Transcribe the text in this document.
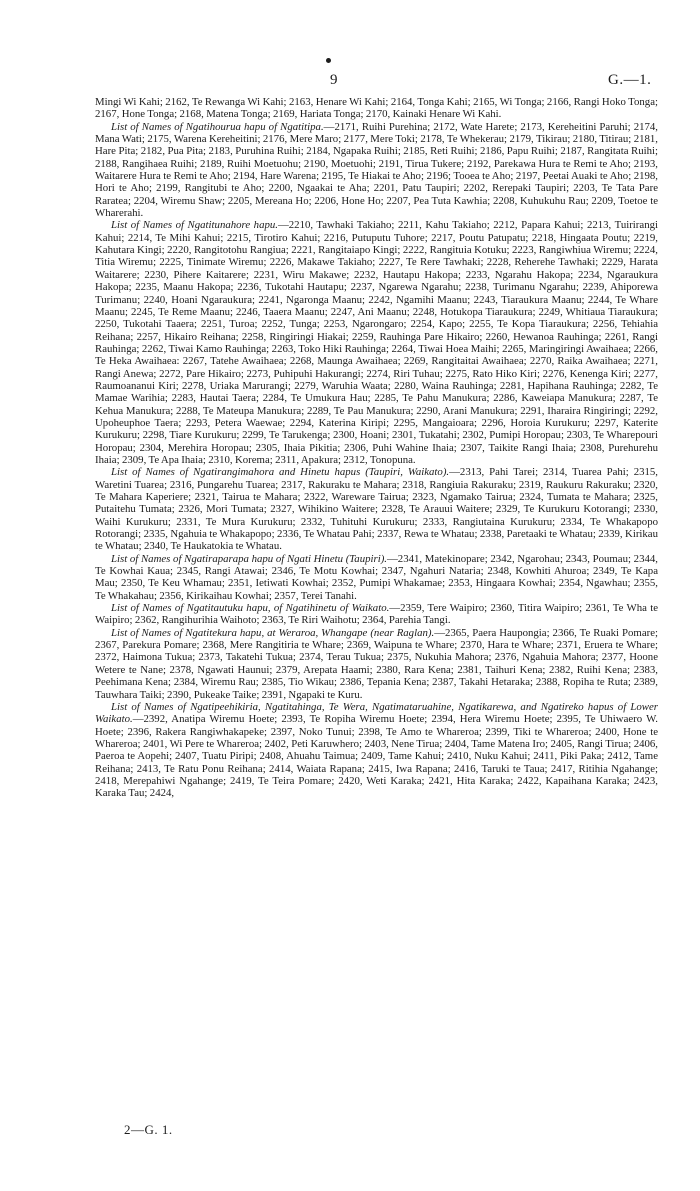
9	G.—1.

Mingi Wi Kahi; 2162, Te Rewanga Wi Kahi; 2163, Henare Wi Kahi; 2164, Tonga Kahi; 2165, Wi Tonga; 2166, Rangi Hoko Tonga; 2167, Hone Tonga; 2168, Matena Tonga; 2169, Hariata Tonga; 2170, Kainaki Henare Wi Kahi.

List of Names of Ngatihourua hapu of Ngatitipa.—2171, Ruihi Purehina; 2172, Wate Harete; 2173, Kereheitini Paruhi; 2174, Mana Wati; 2175, Warena Kereheitini; 2176, Mere Maro; 2177, Mere Toki; 2178, Te Whekerau; 2179, Tikirau; 2180, Titirau; 2181, Hare Pita; 2182, Pua Pita; 2183, Puruhina Ruihi; 2184, Ngapaka Ruihi; 2185, Reti Ruihi; 2186, Papu Ruihi; 2187, Rangitata Ruihi; 2188, Rangihaea Ruihi; 2189, Ruihi Moetuohu; 2190, Moetuohi; 2191, Tirua Tukere; 2192, Parekawa Hura te Remi te Aho; 2193, Waitarere Hura te Remi te Aho; 2194, Hare Warena; 2195, Te Hiakai te Aho; 2196; Tooea te Aho; 2197, Peetai Auaki te Aho; 2198, Hori te Aho; 2199, Rangitubi te Aho; 2200, Ngaakai te Aha; 2201, Patu Taupiri; 2202, Rerepaki Taupiri; 2203, Te Tata Pare Raratea; 2204, Wiremu Shaw; 2205, Mereana Ho; 2206, Hone Ho; 2207, Pea Tuta Kawhia; 2208, Kuhukuhu Rau; 2209, Toetoe te Wharerahi.

List of Names of Ngatitunahore hapu.—2210, Tawhaki Takiaho; 2211, Kahu Takiaho; 2212, Papara Kahui; 2213, Tuirirangi Kahui; 2214, Te Mihi Kahui; 2215, Tirotiro Kahui; 2216, Putuputu Tuhore; 2217, Poutu Patupatu; 2218, Hingaata Poutu; 2219, Kahutara Kingi; 2220, Rangitotohu Rangiua; 2221, Rangitaiapo Kingi; 2222, Rangituia Kotuku; 2223, Rangiwhiua Wiremu; 2224, Titia Wiremu; 2225, Tinimate Wiremu; 2226, Makawe Takiaho; 2227, Te Rere Tawhaki; 2228, Reherehe Tawhaki; 2229, Harata Waitarere; 2230, Pihere Kaitarere; 2231, Wiru Makawe; 2232, Hautapu Hakopa; 2233, Ngarahu Hakopa; 2234, Ngaraukura Hakopa; 2235, Maanu Hakopa; 2236, Tukotahi Hautapu; 2237, Ngarewa Ngarahu; 2238, Turimanu Ngarahu; 2239, Ahiporewa Turimanu; 2240, Hoani Ngaraukura; 2241, Ngaronga Maanu; 2242, Ngamihi Maanu; 2243, Tiaraukura Maanu; 2244, Te Whare Maanu; 2245, Te Reme Maanu; 2246, Taaera Maanu; 2247, Ani Maanu; 2248, Hotukopa Tiaraukura; 2249, Whitiaua Tiaraukura; 2250, Tukotahi Taaera; 2251, Turoa; 2252, Tunga; 2253, Ngarongaro; 2254, Kapo; 2255, Te Kopa Tiaraukura; 2256, Tehiahia Reihana; 2257, Hikairo Reihana; 2258, Ringiringi Hiakai; 2259, Rauhinga Pare Hikairo; 2260, Hewanoa Rauhinga; 2261, Rangi Rauhinga; 2262, Tiwai Kamo Rauhinga; 2263, Toko Hiki Rauhinga; 2264, Tiwai Hoea Maihi; 2265, Maringiringi Awaihaea; 2266, Te Heka Awaihaea: 2267, Tatehe Awaihaea; 2268, Maunga Awaihaea; 2269, Rangitaitai Awaihaea; 2270, Raika Awaihaea; 2271, Rangi Anewa; 2272, Pare Hikairo; 2273, Puhipuhi Hakurangi; 2274, Riri Tuhau; 2275, Rato Hiko Kiri; 2276, Kenenga Kiri; 2277, Raumoananui Kiri; 2278, Uriaka Marurangi; 2279, Waruhia Waata; 2280, Waina Rauhinga; 2281, Hapihana Rauhinga; 2282, Te Mamae Warihia; 2283, Hautai Taera; 2284, Te Umukura Hau; 2285, Te Pahu Manukura; 2286, Kaweiapa Manukura; 2287, Te Kehua Manukura; 2288, Te Mateupa Manukura; 2289, Te Pau Manukura; 2290, Arani Manukura; 2291, Iharaira Ringiringi; 2292, Upoheuphoe Taera; 2293, Petera Waewae; 2294, Katerina Kiripi; 2295, Mangaioara; 2296, Horoia Kurukuru; 2297, Katerite Kurukuru; 2298, Tiare Kurukuru; 2299, Te Tarukenga; 2300, Hoani; 2301, Tukatahi; 2302, Pumipi Horopau; 2303, Te Wharepouri Horopau; 2304, Merehira Horopau; 2305, Ihaia Pikitia; 2306, Puhi Wahine Ihaia; 2307, Taikite Rangi Ihaia; 2308, Purehurehu Ihaia; 2309, Te Apa Ihaia; 2310, Korema; 2311, Apakura; 2312, Tonopuna.

List of Names of Ngatirangimahora and Hinetu hapus (Taupiri, Waikato).—2313, Pahi Tarei; 2314, Tuarea Pahi; 2315, Waretini Tuarea; 2316, Pungarehu Tuarea; 2317, Rakuraku te Mahara; 2318, Rangiuia Rakuraku; 2319, Raukuru Rakuraku; 2320, Te Mahara Kaperiere; 2321, Tairua te Mahara; 2322, Wareware Tairua; 2323, Ngamako Tairua; 2324, Tumata te Mahara; 2325, Putaitehu Tumata; 2326, Mori Tumata; 2327, Wihikino Waitere; 2328, Te Arauui Waitere; 2329, Te Kurukuru Kotorangi; 2330, Waihi Kurukuru; 2331, Te Mura Kurukuru; 2332, Tuhituhi Kurukuru; 2333, Rangiutaina Kurukuru; 2334, Te Whakapopo Rotorangi; 2335, Ngahuia te Whakapopo; 2336, Te Whatau Pahi; 2337, Rewa te Whatau; 2338, Paretaaki te Whatau; 2339, Kirikau te Whatau; 2340, Te Haukatokia te Whatau.

List of Names of Ngatiraparapa hapu of Ngati Hinetu (Taupiri).—2341, Matekinopare; 2342, Ngarohau; 2343, Poumau; 2344, Te Kowhai Kaua; 2345, Rangi Atawai; 2346, Te Motu Kowhai; 2347, Ngahuri Nataria; 2348, Kowhiti Ahuroa; 2349, Te Kapa Mau; 2350, Te Keu Whamau; 2351, Ietiwati Kowhai; 2352, Pumipi Whakamae; 2353, Hingaara Kowhai; 2354, Ngawhau; 2355, Te Whakahau; 2356, Kirikaihau Kowhai; 2357, Terei Tanahi.

List of Names of Ngatitautuku hapu, of Ngatihinetu of Waikato.—2359, Tere Waipiro; 2360, Titira Waipiro; 2361, Te Wha te Waipiro; 2362, Rangihurihia Waihoto; 2363, Te Riri Waihotu; 2364, Parehia Tangi.

List of Names of Ngatitekura hapu, at Weraroa, Whangape (near Raglan).—2365, Paera Haupongia; 2366, Te Ruaki Pomare; 2367, Parekura Pomare; 2368, Mere Rangitiria te Whare; 2369, Waipuna te Whare; 2370, Hara te Whare; 2371, Eruera te Whare; 2372, Haimona Tukua; 2373, Takatehi Tukua; 2374, Terau Tukua; 2375, Nukuhia Mahora; 2376, Ngahuia Mahora; 2377, Hoone Wetere te Nane; 2378, Ngawati Haunui; 2379, Arepata Haami; 2380, Rara Kena; 2381, Taihuri Kena; 2382, Ruihi Kena; 2383, Peehimana Kena; 2384, Wiremu Rau; 2385, Tio Wikau; 2386, Tepania Kena; 2387, Takahi Hetaraka; 2388, Ropiha te Ruta; 2389, Tauwhara Taiki; 2390, Pukeake Taike; 2391, Ngapaki te Kuru.

List of Names of Ngatipeehikiria, Ngatitahinga, Te Wera, Ngatimataruahine, Ngatikarewa, and Ngatireko hapus of Lower Waikato.—2392, Anatipa Wiremu Hoete; 2393, Te Ropiha Wiremu Hoete; 2394, Hera Wiremu Hoete; 2395, Te Uhiwaero W. Hoete; 2396, Rakera Rangiwhakapeke; 2397, Noko Tunui; 2398, Te Amo te Whareroa; 2399, Tiki te Whareroa; 2400, Hone te Whareroa; 2401, Wi Pere te Whareroa; 2402, Peti Karuwhero; 2403, Nene Tirua; 2404, Tame Matena Iro; 2405, Rangi Tirua; 2406, Paeroa te Aopehi; 2407, Tuatu Piripi; 2408, Ahuahu Taimua; 2409, Tame Kahui; 2410, Nuku Kahui; 2411, Piki Paka; 2412, Tame Reihana; 2413, Te Ratu Ponu Reihana; 2414, Waiata Rapana; 2415, Iwa Rapana; 2416, Taruki te Taua; 2417, Ritihia Ngahange; 2418, Merepahiwi Ngahange; 2419, Te Teira Pomare; 2420, Weti Karaka; 2421, Hita Karaka; 2422, Kapaihana Karaka; 2423, Karaka Tau; 2424,

2—G. 1.
